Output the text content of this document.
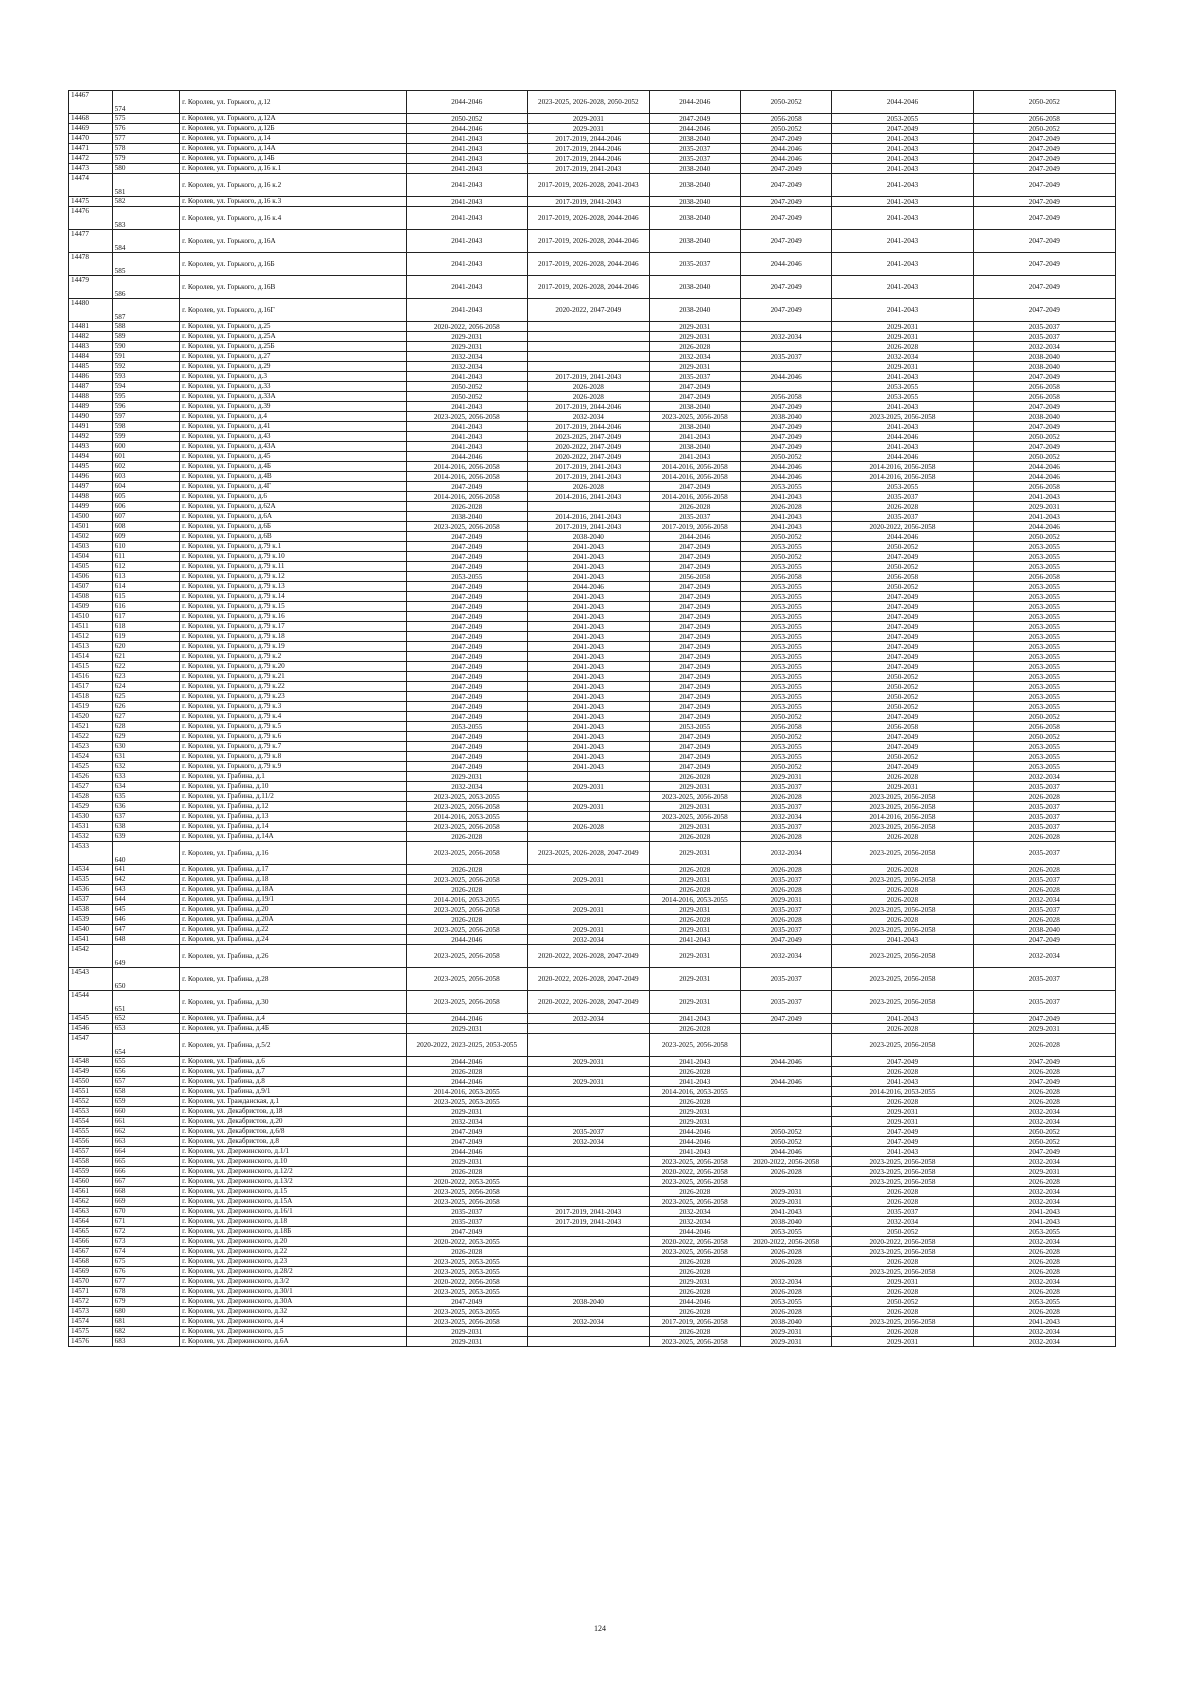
14467	574	г. Королев, ул. Горького, д.12	2044-2046	2023-2025, 2026-2028, 2050-2052	2044-2046	2050-2052	2044-2046	2050-2052
14468	575	г. Королев, ул. Горького, д.12А	2050-2052	2029-2031	2047-2049	2056-2058	2053-2055	2056-2058
14469	576	г. Королев, ул. Горького, д.12Б	2044-2046	2029-2031	2044-2046	2050-2052	2047-2049	2050-2052
14470	577	г. Королев, ул. Горького, д.14	2041-2043	2017-2019, 2044-2046	2038-2040	2047-2049	2041-2043	2047-2049
14471	578	г. Королев, ул. Горького, д.14А	2041-2043	2017-2019, 2044-2046	2035-2037	2044-2046	2041-2043	2047-2049
14472	579	г. Королев, ул. Горького, д.14Б	2041-2043	2017-2019, 2044-2046	2035-2037	2044-2046	2041-2043	2047-2049
14473	580	г. Королев, ул. Горького, д.16 к.1	2041-2043	2017-2019, 2041-2043	2038-2040	2047-2049	2041-2043	2047-2049
14474	581	г. Королев, ул. Горького, д.16 к.2	2041-2043	2017-2019, 2026-2028, 2041-2043	2038-2040	2047-2049	2041-2043	2047-2049
14475	582	г. Королев, ул. Горького, д.16 к.3	2041-2043	2017-2019, 2041-2043	2038-2040	2047-2049	2041-2043	2047-2049
14476	583	г. Королев, ул. Горького, д.16 к.4	2041-2043	2017-2019, 2026-2028, 2044-2046	2038-2040	2047-2049	2041-2043	2047-2049
14477	584	г. Королев, ул. Горького, д.16А	2041-2043	2017-2019, 2026-2028, 2044-2046	2038-2040	2047-2049	2041-2043	2047-2049
14478	585	г. Королев, ул. Горького, д.16Б	2041-2043	2017-2019, 2026-2028, 2044-2046	2035-2037	2044-2046	2041-2043	2047-2049
14479	586	г. Королев, ул. Горького, д.16В	2041-2043	2017-2019, 2026-2028, 2044-2046	2038-2040	2047-2049	2041-2043	2047-2049
14480	587	г. Королев, ул. Горького, д.16Г	2041-2043	2020-2022, 2047-2049	2038-2040	2047-2049	2041-2043	2047-2049
14481	588	г. Королев, ул. Горького, д.25	2020-2022, 2056-2058		2029-2031		2029-2031	2035-2037
14482	589	г. Королев, ул. Горького, д.25А	2029-2031		2029-2031	2032-2034	2029-2031	2035-2037
14483	590	г. Королев, ул. Горького, д.25Б	2029-2031		2026-2028		2026-2028	2032-2034
14484	591	г. Королев, ул. Горького, д.27	2032-2034		2032-2034	2035-2037	2032-2034	2038-2040
14485	592	г. Королев, ул. Горького, д.29	2032-2034		2029-2031		2029-2031	2038-2040
14486	593	г. Королев, ул. Горького, д.3	2041-2043	2017-2019, 2041-2043	2035-2037	2044-2046	2041-2043	2047-2049
14487	594	г. Королев, ул. Горького, д.33	2050-2052	2026-2028	2047-2049		2053-2055	2056-2058
14488	595	г. Королев, ул. Горького, д.33А	2050-2052	2026-2028	2047-2049	2056-2058	2053-2055	2056-2058
14489	596	г. Королев, ул. Горького, д.39	2041-2043	2017-2019, 2044-2046	2038-2040	2047-2049	2041-2043	2047-2049
14490	597	г. Королев, ул. Горького, д.4	2023-2025, 2056-2058	2032-2034	2023-2025, 2056-2058	2038-2040	2023-2025, 2056-2058	2038-2040
14491	598	г. Королев, ул. Горького, д.41	2041-2043	2017-2019, 2044-2046	2038-2040	2047-2049	2041-2043	2047-2049
14492	599	г. Королев, ул. Горького, д.43	2041-2043	2023-2025, 2047-2049	2041-2043	2047-2049	2044-2046	2050-2052
14493	600	г. Королев, ул. Горького, д.43А	2041-2043	2020-2022, 2047-2049	2038-2040	2047-2049	2041-2043	2047-2049
14494	601	г. Королев, ул. Горького, д.45	2044-2046	2020-2022, 2047-2049	2041-2043	2050-2052	2044-2046	2050-2052
14495	602	г. Королев, ул. Горького, д.4Б	2014-2016, 2056-2058	2017-2019, 2041-2043	2014-2016, 2056-2058	2044-2046	2014-2016, 2056-2058	2044-2046
14496	603	г. Королев, ул. Горького, д.4В	2014-2016, 2056-2058	2017-2019, 2041-2043	2014-2016, 2056-2058	2044-2046	2014-2016, 2056-2058	2044-2046
14497	604	г. Королев, ул. Горького, д.4Г	2047-2049	2026-2028	2047-2049	2053-2055	2053-2055	2056-2058
14498	605	г. Королев, ул. Горького, д.6	2014-2016, 2056-2058	2014-2016, 2041-2043	2014-2016, 2056-2058	2041-2043	2035-2037	2041-2043
14499	606	г. Королев, ул. Горького, д.62А	2026-2028		2026-2028	2026-2028	2026-2028	2029-2031
14500	607	г. Королев, ул. Горького, д.6А	2038-2040	2014-2016, 2041-2043	2035-2037	2041-2043	2035-2037	2041-2043
14501	608	г. Королев, ул. Горького, д.6Б	2023-2025, 2056-2058	2017-2019, 2041-2043	2017-2019, 2056-2058	2041-2043	2020-2022, 2056-2058	2044-2046
14502	609	г. Королев, ул. Горького, д.6В	2047-2049	2038-2040	2044-2046	2050-2052	2044-2046	2050-2052
14503	610	г. Королев, ул. Горького, д.79 к.1	2047-2049	2041-2043	2047-2049	2053-2055	2050-2052	2053-2055
14504	611	г. Королев, ул. Горького, д.79 к.10	2047-2049	2041-2043	2047-2049	2050-2052	2047-2049	2053-2055
14505	612	г. Королев, ул. Горького, д.79 к.11	2047-2049	2041-2043	2047-2049	2053-2055	2050-2052	2053-2055
14506	613	г. Королев, ул. Горького, д.79 к.12	2053-2055	2041-2043	2056-2058	2056-2058	2056-2058	2056-2058
14507	614	г. Королев, ул. Горького, д.79 к.13	2047-2049	2044-2046	2047-2049	2053-2055	2050-2052	2053-2055
14508	615	г. Королев, ул. Горького, д.79 к.14	2047-2049	2041-2043	2047-2049	2053-2055	2047-2049	2053-2055
14509	616	г. Королев, ул. Горького, д.79 к.15	2047-2049	2041-2043	2047-2049	2053-2055	2047-2049	2053-2055
14510	617	г. Королев, ул. Горького, д.79 к.16	2047-2049	2041-2043	2047-2049	2053-2055	2047-2049	2053-2055
14511	618	г. Королев, ул. Горького, д.79 к.17	2047-2049	2041-2043	2047-2049	2053-2055	2047-2049	2053-2055
14512	619	г. Королев, ул. Горького, д.79 к.18	2047-2049	2041-2043	2047-2049	2053-2055	2047-2049	2053-2055
14513	620	г. Королев, ул. Горького, д.79 к.19	2047-2049	2041-2043	2047-2049	2053-2055	2047-2049	2053-2055
14514	621	г. Королев, ул. Горького, д.79 к.2	2047-2049	2041-2043	2047-2049	2053-2055	2047-2049	2053-2055
14515	622	г. Королев, ул. Горького, д.79 к.20	2047-2049	2041-2043	2047-2049	2053-2055	2047-2049	2053-2055
14516	623	г. Королев, ул. Горького, д.79 к.21	2047-2049	2041-2043	2047-2049	2053-2055	2050-2052	2053-2055
14517	624	г. Королев, ул. Горького, д.79 к.22	2047-2049	2041-2043	2047-2049	2053-2055	2050-2052	2053-2055
14518	625	г. Королев, ул. Горького, д.79 к.23	2047-2049	2041-2043	2047-2049	2053-2055	2050-2052	2053-2055
14519	626	г. Королев, ул. Горького, д.79 к.3	2047-2049	2041-2043	2047-2049	2053-2055	2050-2052	2053-2055
14520	627	г. Королев, ул. Горького, д.79 к.4	2047-2049	2041-2043	2047-2049	2050-2052	2047-2049	2050-2052
14521	628	г. Королев, ул. Горького, д.79 к.5	2053-2055	2041-2043	2053-2055	2056-2058	2056-2058	2056-2058
14522	629	г. Королев, ул. Горького, д.79 к.6	2047-2049	2041-2043	2047-2049	2050-2052	2047-2049	2050-2052
14523	630	г. Королев, ул. Горького, д.79 к.7	2047-2049	2041-2043	2047-2049	2053-2055	2047-2049	2053-2055
14524	631	г. Королев, ул. Горького, д.79 к.8	2047-2049	2041-2043	2047-2049	2053-2055	2050-2052	2053-2055
14525	632	г. Королев, ул. Горького, д.79 к.9	2047-2049	2041-2043	2047-2049	2050-2052	2047-2049	2053-2055
14526	633	г. Королев, ул. Грабина, д.1	2029-2031		2026-2028	2029-2031	2026-2028	2032-2034
14527	634	г. Королев, ул. Грабина, д.10	2032-2034	2029-2031	2029-2031	2035-2037	2029-2031	2035-2037
14528	635	г. Королев, ул. Грабина, д.11/2	2023-2025, 2053-2055		2023-2025, 2056-2058	2026-2028	2023-2025, 2056-2058	2026-2028
14529	636	г. Королев, ул. Грабина, д.12	2023-2025, 2056-2058	2029-2031	2029-2031	2035-2037	2023-2025, 2056-2058	2035-2037
14530	637	г. Королев, ул. Грабина, д.13	2014-2016, 2053-2055		2023-2025, 2056-2058	2032-2034	2014-2016, 2056-2058	2035-2037
14531	638	г. Королев, ул. Грабина, д.14	2023-2025, 2056-2058	2026-2028	2029-2031	2035-2037	2023-2025, 2056-2058	2035-2037
14532	639	г. Королев, ул. Грабина, д.14А	2026-2028		2026-2028	2026-2028	2026-2028	2026-2028
14533	640	г. Королев, ул. Грабина, д.16	2023-2025, 2056-2058	2023-2025, 2026-2028, 2047-2049	2029-2031	2032-2034	2023-2025, 2056-2058	2035-2037
14534	641	г. Королев, ул. Грабина, д.17	2026-2028		2026-2028	2026-2028	2026-2028	2026-2028
14535	642	г. Королев, ул. Грабина, д.18	2023-2025, 2056-2058	2029-2031	2029-2031	2035-2037	2023-2025, 2056-2058	2035-2037
14536	643	г. Королев, ул. Грабина, д.18А	2026-2028		2026-2028	2026-2028	2026-2028	2026-2028
14537	644	г. Королев, ул. Грабина, д.19/1	2014-2016, 2053-2055		2014-2016, 2053-2055	2029-2031	2026-2028	2032-2034
14538	645	г. Королев, ул. Грабина, д.20	2023-2025, 2056-2058	2029-2031	2029-2031	2035-2037	2023-2025, 2056-2058	2035-2037
14539	646	г. Королев, ул. Грабина, д.20А	2026-2028		2026-2028	2026-2028	2026-2028	2026-2028
14540	647	г. Королев, ул. Грабина, д.22	2023-2025, 2056-2058	2029-2031	2029-2031	2035-2037	2023-2025, 2056-2058	2038-2040
14541	648	г. Королев, ул. Грабина, д.24	2044-2046	2032-2034	2041-2043	2047-2049	2041-2043	2047-2049
14542	649	г. Королев, ул. Грабина, д.26	2023-2025, 2056-2058	2020-2022, 2026-2028, 2047-2049	2029-2031	2032-2034	2023-2025, 2056-2058	2032-2034
14543	650	г. Королев, ул. Грабина, д.28	2023-2025, 2056-2058	2020-2022, 2026-2028, 2047-2049	2029-2031	2035-2037	2023-2025, 2056-2058	2035-2037
14544	651	г. Королев, ул. Грабина, д.30	2023-2025, 2056-2058	2020-2022, 2026-2028, 2047-2049	2029-2031	2035-2037	2023-2025, 2056-2058	2035-2037
14545	652	г. Королев, ул. Грабина, д.4	2044-2046	2032-2034	2041-2043	2047-2049	2041-2043	2047-2049
14546	653	г. Королев, ул. Грабина, д.4Б	2029-2031		2026-2028		2026-2028	2029-2031
14547	654	г. Королев, ул. Грабина, д.5/2	2020-2022, 2023-2025, 2053-2055		2023-2025, 2056-2058		2023-2025, 2056-2058	2026-2028
14548	655	г. Королев, ул. Грабина, д.6	2044-2046	2029-2031	2041-2043	2044-2046	2047-2049	2047-2049
14549	656	г. Королев, ул. Грабина, д.7	2026-2028		2026-2028		2026-2028	2026-2028
14550	657	г. Королев, ул. Грабина, д.8	2044-2046	2029-2031	2041-2043	2044-2046	2041-2043	2047-2049
14551	658	г. Королев, ул. Грабина, д.9/1	2014-2016, 2053-2055		2014-2016, 2053-2055		2014-2016, 2053-2055	2026-2028
14552	659	г. Королев, ул. Гражданская, д.1	2023-2025, 2053-2055		2026-2028		2026-2028	2026-2028
14553	660	г. Королев, ул. Декабристов, д.18	2029-2031		2029-2031		2029-2031	2032-2034
14554	661	г. Королев, ул. Декабристов, д.20	2032-2034		2029-2031		2029-2031	2032-2034
14555	662	г. Королев, ул. Декабристов, д.6/8	2047-2049	2035-2037	2044-2046	2050-2052	2047-2049	2050-2052
14556	663	г. Королев, ул. Декабристов, д.8	2047-2049	2032-2034	2044-2046	2050-2052	2047-2049	2050-2052
14557	664	г. Королев, ул. Дзержинского, д.1/1	2044-2046		2041-2043	2044-2046	2041-2043	2047-2049
14558	665	г. Королев, ул. Дзержинского, д.10	2029-2031		2023-2025, 2056-2058	2020-2022, 2056-2058	2023-2025, 2056-2058	2032-2034
14559	666	г. Королев, ул. Дзержинского, д.12/2	2026-2028		2020-2022, 2056-2058	2026-2028	2023-2025, 2056-2058	2029-2031
14560	667	г. Королев, ул. Дзержинского, д.13/2	2020-2022, 2053-2055		2023-2025, 2056-2058		2023-2025, 2056-2058	2026-2028
14561	668	г. Королев, ул. Дзержинского, д.15	2023-2025, 2056-2058		2026-2028	2029-2031	2026-2028	2032-2034
14562	669	г. Королев, ул. Дзержинского, д.15А	2023-2025, 2056-2058		2023-2025, 2056-2058	2029-2031	2026-2028	2032-2034
14563	670	г. Королев, ул. Дзержинского, д.16/1	2035-2037	2017-2019, 2041-2043	2032-2034	2041-2043	2035-2037	2041-2043
14564	671	г. Королев, ул. Дзержинского, д.18	2035-2037	2017-2019, 2041-2043	2032-2034	2038-2040	2032-2034	2041-2043
14565	672	г. Королев, ул. Дзержинского, д.18Б	2047-2049		2044-2046	2053-2055	2050-2052	2053-2055
14566	673	г. Королев, ул. Дзержинского, д.20	2020-2022, 2053-2055		2020-2022, 2056-2058	2020-2022, 2056-2058	2020-2022, 2056-2058	2032-2034
14567	674	г. Королев, ул. Дзержинского, д.22	2026-2028		2023-2025, 2056-2058	2026-2028	2023-2025, 2056-2058	2026-2028
14568	675	г. Королев, ул. Дзержинского, д.23	2023-2025, 2053-2055		2026-2028	2026-2028	2026-2028	2026-2028
14569	676	г. Королев, ул. Дзержинского, д.28/2	2023-2025, 2053-2055		2026-2028		2023-2025, 2056-2058	2026-2028
14570	677	г. Королев, ул. Дзержинского, д.3/2	2020-2022, 2056-2058		2029-2031	2032-2034	2029-2031	2032-2034
14571	678	г. Королев, ул. Дзержинского, д.30/1	2023-2025, 2053-2055		2026-2028	2026-2028	2026-2028	2026-2028
14572	679	г. Королев, ул. Дзержинского, д.30А	2047-2049	2038-2040	2044-2046	2053-2055	2050-2052	2053-2055
14573	680	г. Королев, ул. Дзержинского, д.32	2023-2025, 2053-2055		2026-2028	2026-2028	2026-2028	2026-2028
14574	681	г. Королев, ул. Дзержинского, д.4	2023-2025, 2056-2058	2032-2034	2017-2019, 2056-2058	2038-2040	2023-2025, 2056-2058	2041-2043
14575	682	г. Королев, ул. Дзержинского, д.5	2029-2031		2026-2028	2029-2031	2026-2028	2032-2034
14576	683	г. Королев, ул. Дзержинского, д.6А	2029-2031		2023-2025, 2056-2058	2029-2031	2029-2031	2032-2034
124
